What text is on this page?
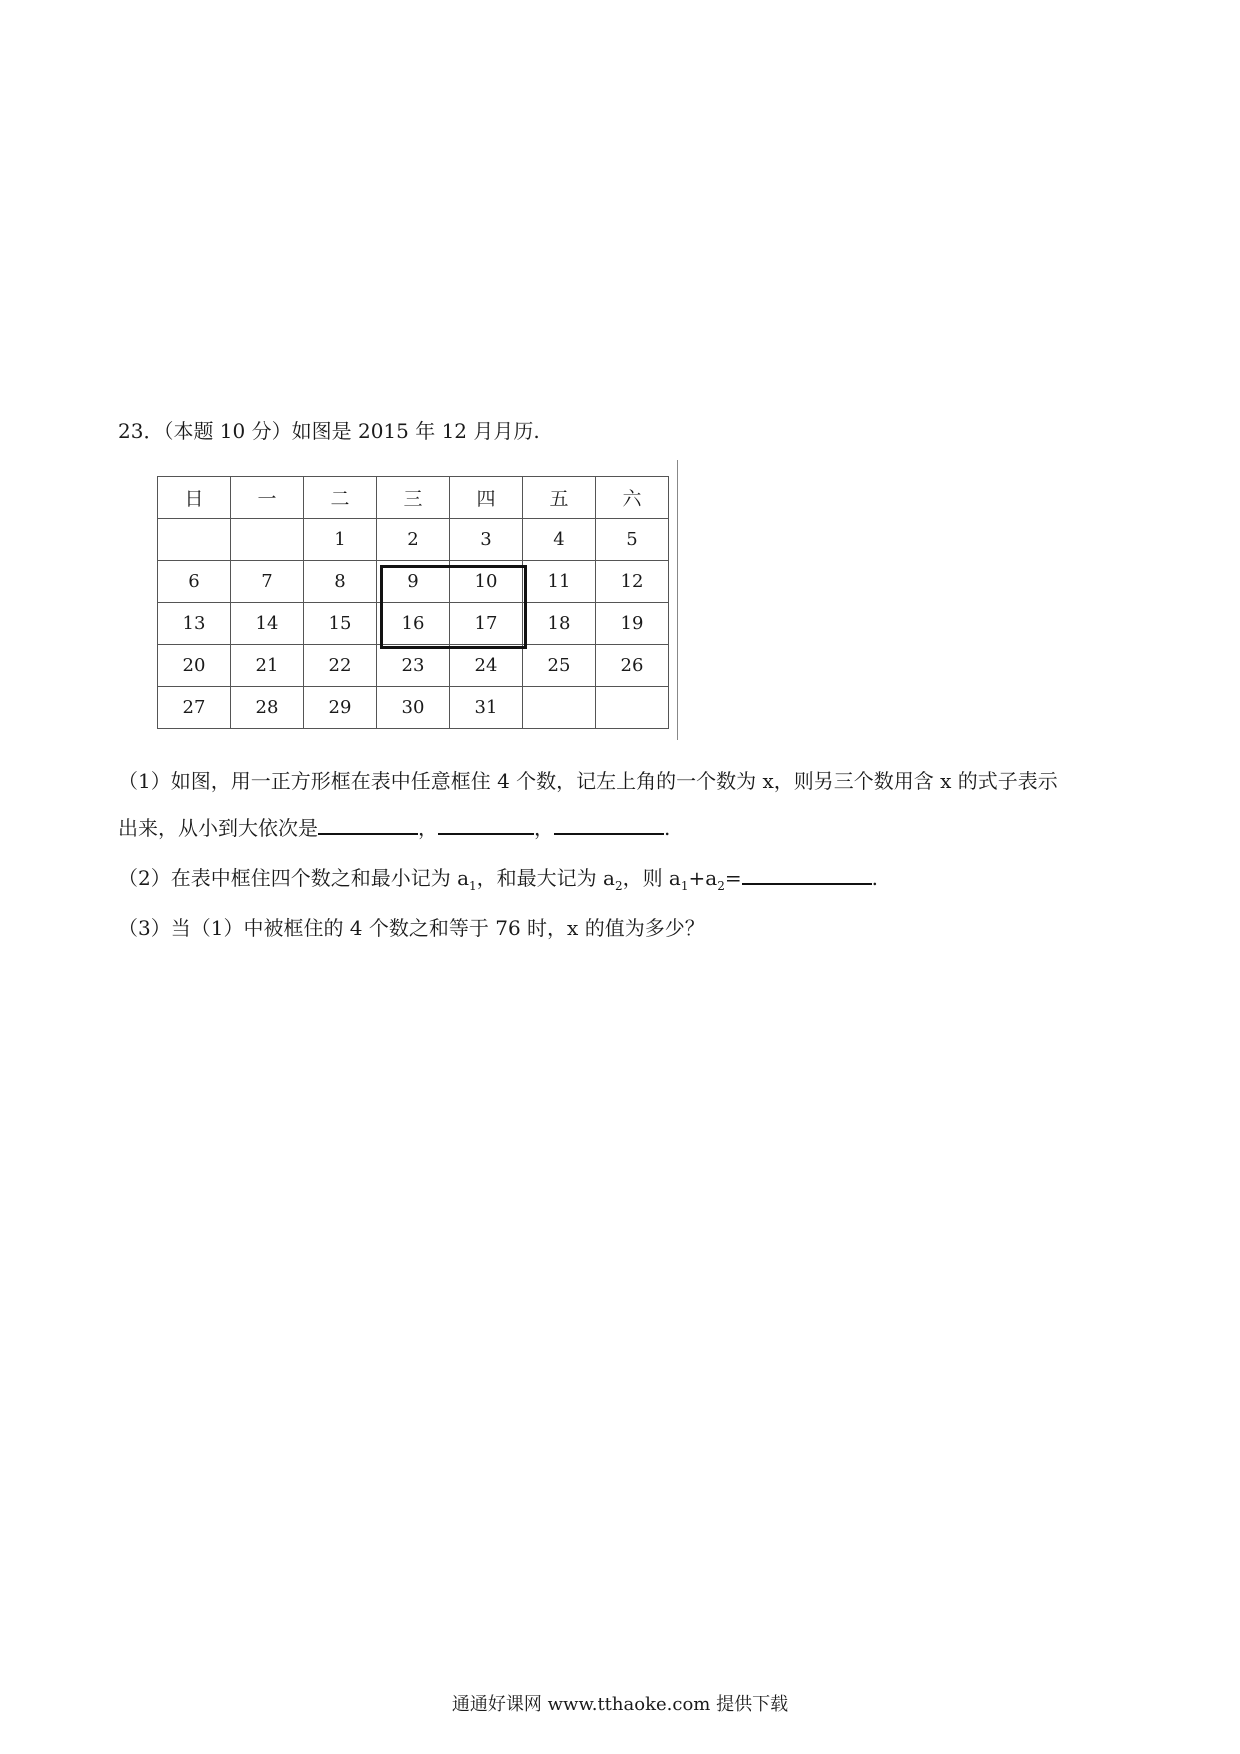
23．（本题 10 分）如图是 2015 年 12 月月历.
日	一	二	三	四	五	六
		1	2	3	4	5
6	7	8	9	10	11	12
13	14	15	16	17	18	19
20	21	22	23	24	25	26
27	28	29	30	31		
（1）如图，用一正方形框在表中任意框住 4 个数，记左上角的一个数为 x，则另三个数用含 x 的式子表示
出来，从小到大依次是	，	，	.
（2）在表中框住四个数之和最小记为 $a_1$，和最大记为 $a_2$，则 $a_1+a_2=$	.
（3）当（1）中被框住的 4 个数之和等于 76 时，x 的值为多少？
通通好课网 www.tthaoke.com 提供下载
